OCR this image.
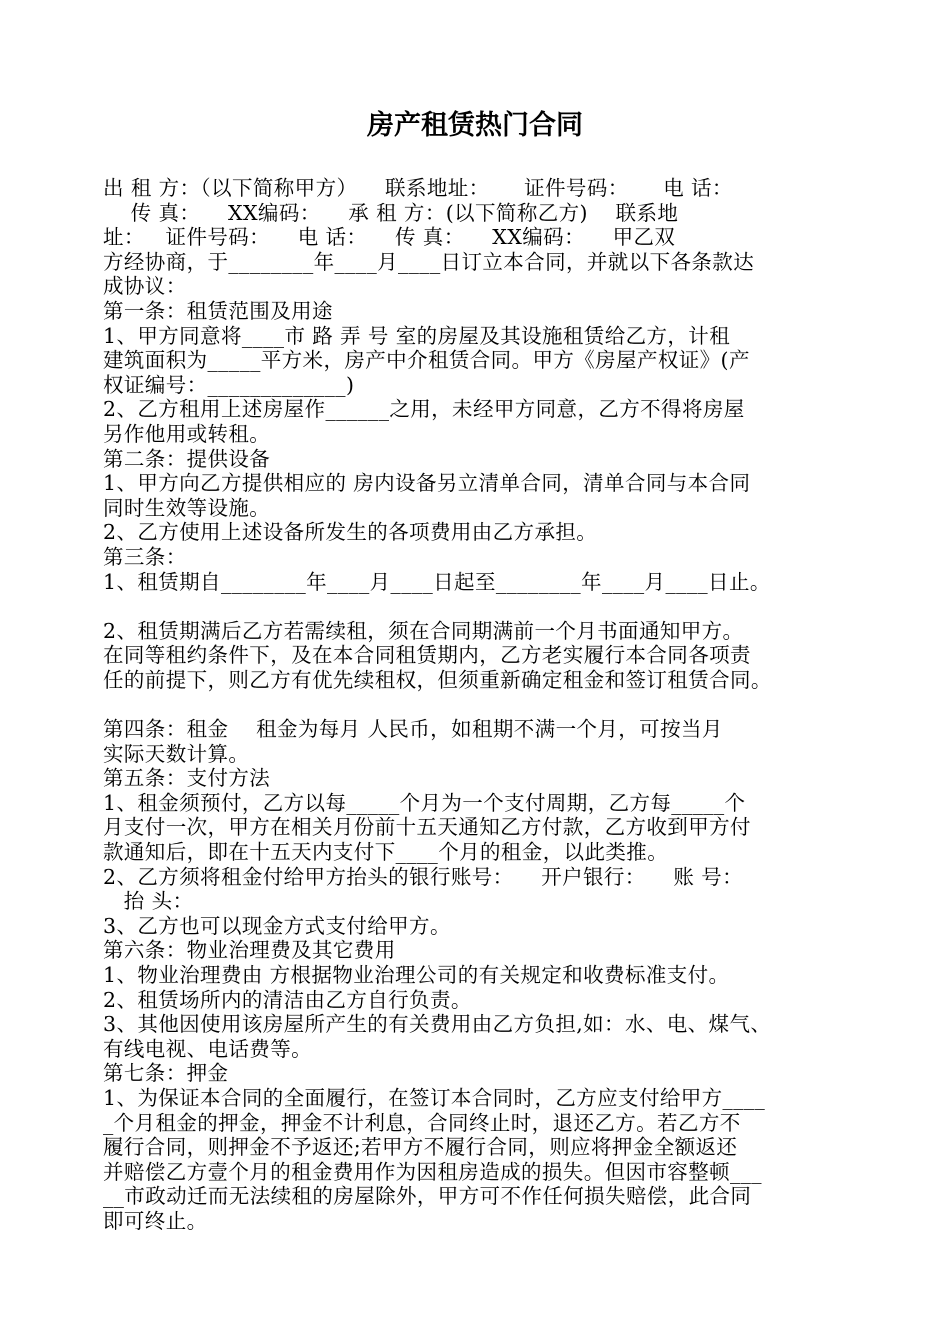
房产租赁热门合同
出 租 方：（以下简称甲方）    联系地址：     证件号码：     电 话：
传 真：    XX编码：    承 租 方：(以下简称乙方)    联系地
址：   证件号码：    电 话：    传 真：    XX编码：    甲乙双
方经协商，于________年____月____日订立本合同，并就以下各条款达
成协议：
第一条：租赁范围及用途
1、甲方同意将____市 路 弄 号 室的房屋及其设施租赁给乙方，计租
建筑面积为_____平方米，房产中介租赁合同。甲方《房屋产权证》(产
权证编号：_____________)
2、乙方租用上述房屋作______之用，未经甲方同意，乙方不得将房屋
另作他用或转租。
第二条：提供设备
1、甲方向乙方提供相应的 房内设备另立清单合同，清单合同与本合同
同时生效等设施。
2、乙方使用上述设备所发生的各项费用由乙方承担。
第三条：
1、租赁期自________年____月____日起至________年____月____日止。
2、租赁期满后乙方若需续租，须在合同期满前一个月书面通知甲方。
在同等租约条件下，及在本合同租赁期内，乙方老实履行本合同各项责
任的前提下，则乙方有优先续租权，但须重新确定租金和签订租赁合同。
第四条：租金    租金为每月 人民币，如租期不满一个月，可按当月
实际天数计算。
第五条：支付方法
1、租金须预付，乙方以每_____个月为一个支付周期，乙方每_____个
月支付一次，甲方在相关月份前十五天通知乙方付款，乙方收到甲方付
款通知后，即在十五天内支付下____个月的租金，以此类推。
2、乙方须将租金付给甲方抬头的银行账号：    开户银行：    账 号：
抬 头：
3、乙方也可以现金方式支付给甲方。
第六条：物业治理费及其它费用
1、物业治理费由 方根据物业治理公司的有关规定和收费标准支付。
2、租赁场所内的清洁由乙方自行负责。
3、其他因使用该房屋所产生的有关费用由乙方负担,如：水、电、煤气、
有线电视、电话费等。
第七条：押金
1、为保证本合同的全面履行，在签订本合同时，乙方应支付给甲方____
_个月租金的押金，押金不计利息，合同终止时，退还乙方。若乙方不
履行合同，则押金不予返还;若甲方不履行合同，则应将押金全额返还
并赔偿乙方壹个月的租金费用作为因租房造成的损失。但因市容整顿___
__市政动迁而无法续租的房屋除外，甲方可不作任何损失赔偿，此合同
即可终止。
